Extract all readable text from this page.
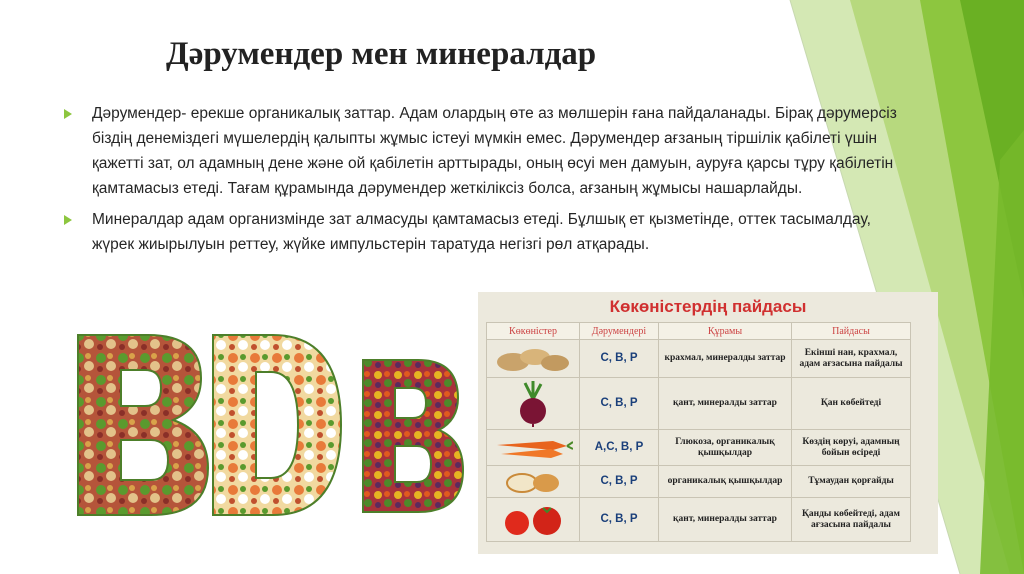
Дәрумендер мен минералдар
Дәрумендер- ерекше органикалық заттар. Адам олардың өте аз мөлшерін ғана пайдаланады. Бірақ дәрумерсіз біздің денеміздегі мүшелердің қалыпты жұмыс істеуі мүмкін емес. Дәрумендер ағзаның тіршілік қабілеті үшін қажетті зат, ол адамның дене және ой қабілетін арттырады, оның өсуі мен дамуын, ауруға қарсы тұру қабілетін қамтамасыз етеді. Тағам құрамында дәрумендер жеткіліксіз болса, ағзаның жұмысы нашарлайды.
Минералдар адам организмінде зат алмасуды қамтамасыз етеді. Бұлшық ет қызметінде, оттек тасымалдау, жүрек жиырылуын реттеу, жүйке импульстерін таратуда негізгі рөл атқарады.
Көкөністердің пайдасы
Көкөністер	Дәрумендері	Құрамы	Пайдасы

	С, В, Р	крахмал, минералды заттар	Екінші нан, крахмал, адам ағзасына пайдалы

	С, В, Р	қант, минералды заттар	Қан көбейтеді

	А,С, В, Р	Глюкоза, органикалық қышқылдар	Көздің көруі, адамның бойын өсіреді

	С, В, Р	органикалық қышқылдар	Тұмаудан қорғайды

	С, В, Р	қант, минералды заттар	Қанды көбейтеді, адам ағзасына пайдалы
